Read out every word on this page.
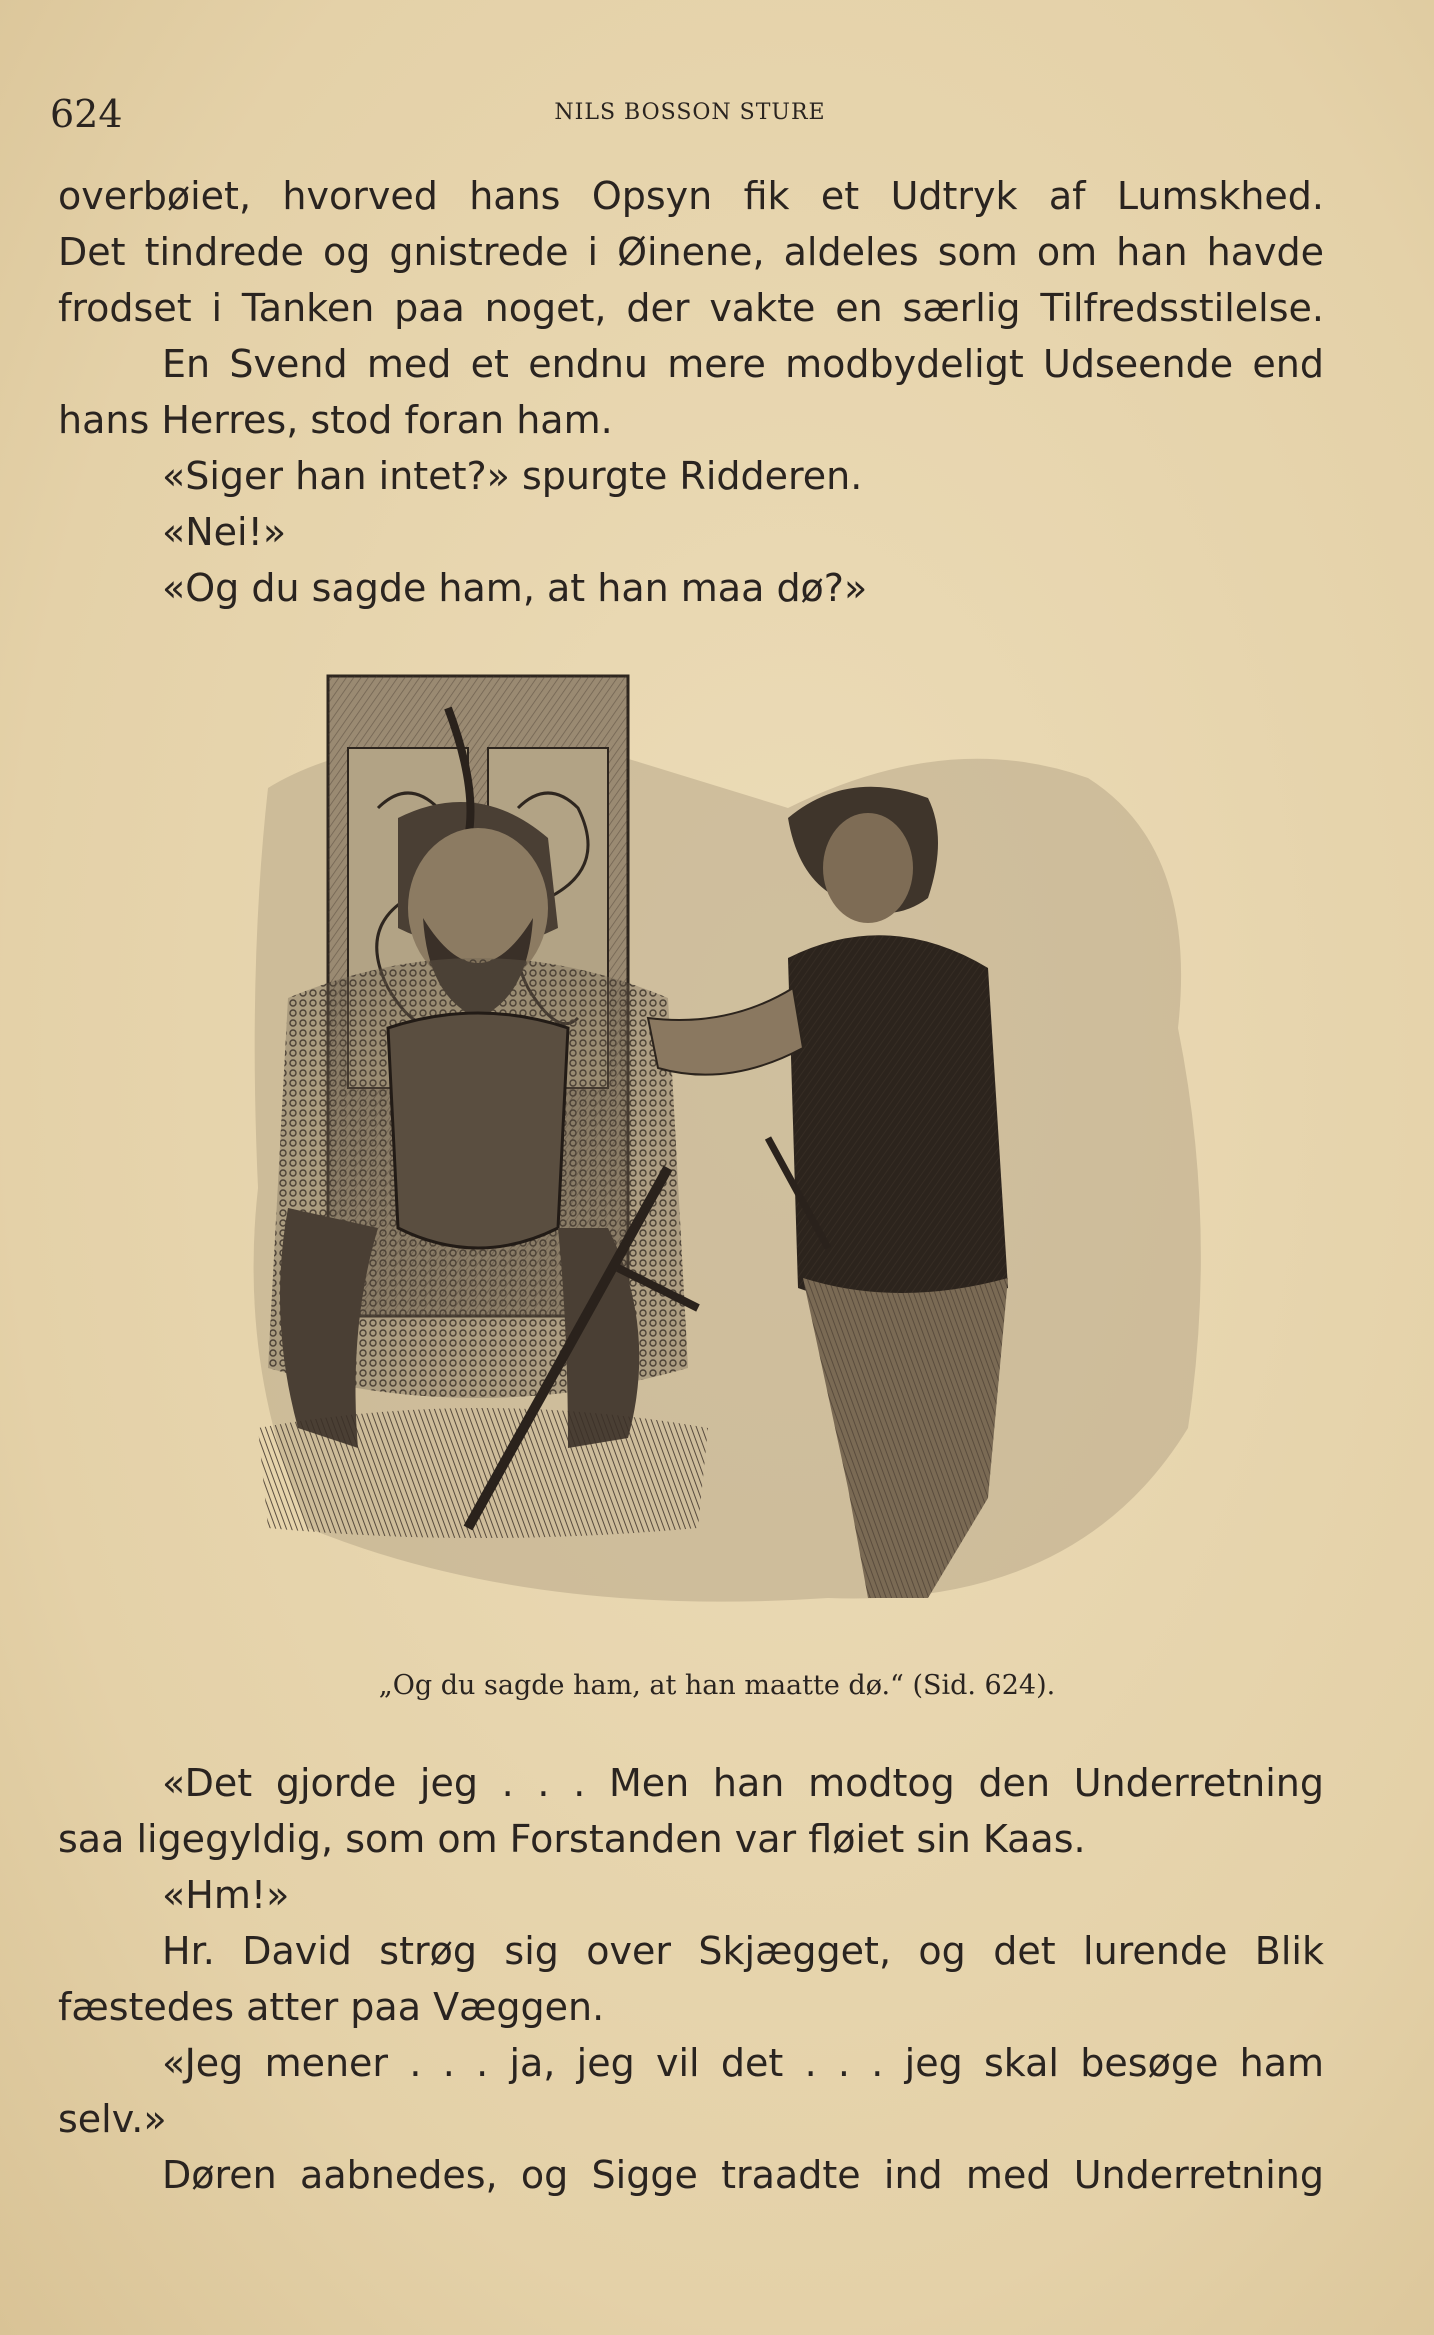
624	NILS BOSSON STURE
overbøiet, hvorved hans Opsyn fik et Udtryk af Lumskhed.
Det tindrede og gnistrede i Øinene, aldeles som om han havde
frodset i Tanken paa noget, der vakte en særlig Tilfredsstilelse.
En Svend med et endnu mere modbydeligt Udseende end
hans Herres, stod foran ham.
«Siger han intet?» spurgte Ridderen.
«Nei!»
«Og du sagde ham, at han maa dø?»
„Og du sagde ham, at han maatte dø.“ (Sid. 624).
«Det gjorde jeg . . . Men han modtog den Underretning
saa ligegyldig, som om Forstanden var fløiet sin Kaas.
«Hm!»
Hr. David strøg sig over Skjægget, og det lurende Blik
fæstedes atter paa Væggen.
«Jeg mener . . . ja, jeg vil det . . . jeg skal besøge ham
selv.»
Døren aabnedes, og Sigge traadte ind med Underretning
